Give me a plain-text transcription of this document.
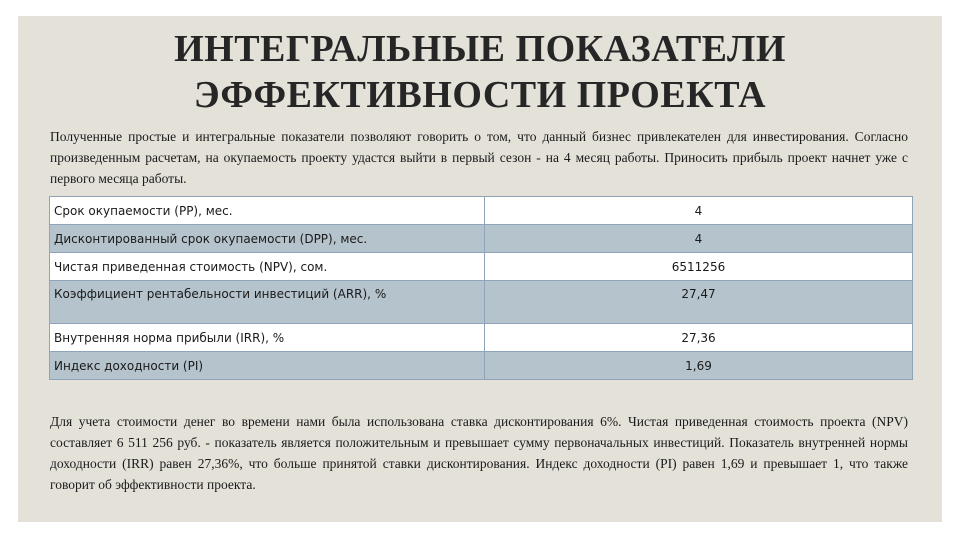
ИНТЕГРАЛЬНЫЕ ПОКАЗАТЕЛИ
ЭФФЕКТИВНОСТИ ПРОЕКТА
Полученные простые и интегральные показатели позволяют говорить о том, что данный бизнес привлекателен для инвестирования. Согласно произведенным расчетам, на окупаемость проекту удастся выйти в первый сезон - на 4 месяц работы. Приносить прибыль проект начнет уже с первого месяца работы.
Срок окупаемости (PP), мес.	4
Дисконтированный срок окупаемости (DPP), мес.	4
Чистая приведенная стоимость (NPV), сом.	6511256
Коэффициент рентабельности инвестиций (ARR), %	27,47
Внутренняя норма прибыли (IRR), %	27,36
Индекс доходности (PI)	1,69
Для учета стоимости денег во времени нами была использована ставка дисконтирования 6%. Чистая приведенная стоимость проекта (NPV) составляет 6 511 256 руб. - показатель является положительным и превышает сумму первоначальных инвестиций. Показатель внутренней нормы доходности (IRR) равен 27,36%, что больше принятой ставки дисконтирования. Индекс доходности (PI) равен 1,69 и превышает 1, что также говорит об эффективности проекта.
